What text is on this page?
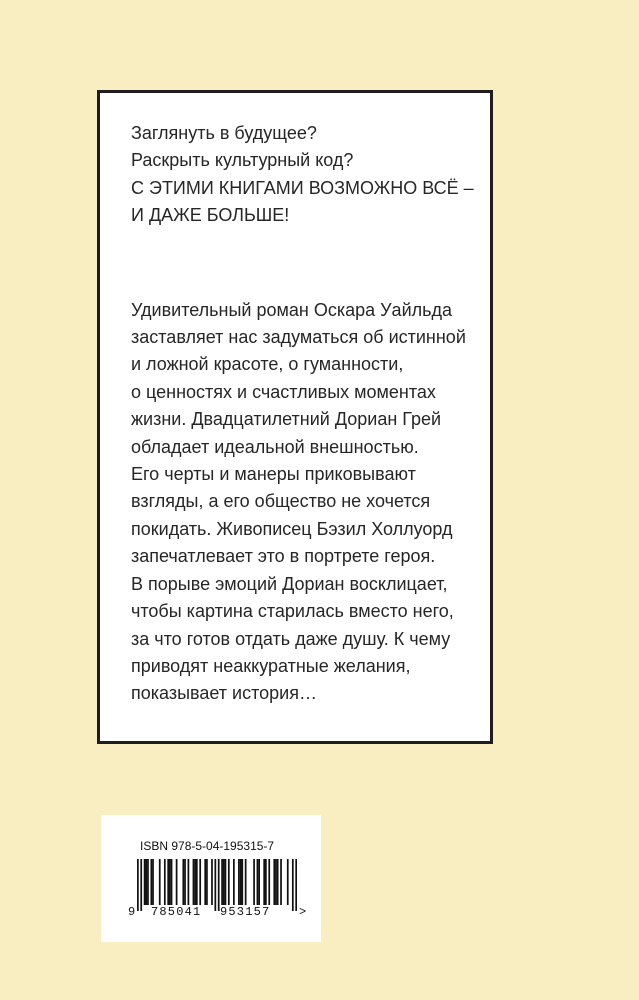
Заглянуть в будущее?
Раскрыть культурный код?
С ЭТИМИ КНИГАМИ ВОЗМОЖНО ВСЁ –
И ДАЖЕ БОЛЬШЕ!
Удивительный роман Оскара Уайльда
заставляет нас задуматься об истинной
и ложной красоте, о гуманности,
о ценностях и счастливых моментах
жизни. Двадцатилетний Дориан Грей
обладает идеальной внешностью.
Его черты и манеры приковывают
взгляды, а его общество не хочется
покидать. Живописец Бэзил Холлуорд
запечатлевает это в портрете героя.
В порыве эмоций Дориан восклицает,
чтобы картина старилась вместо него,
за что готов отдать даже душу. К чему
приводят неаккуратные желания,
показывает история…
ISBN 978-5-04-195315-7
9 785041 953157 >
